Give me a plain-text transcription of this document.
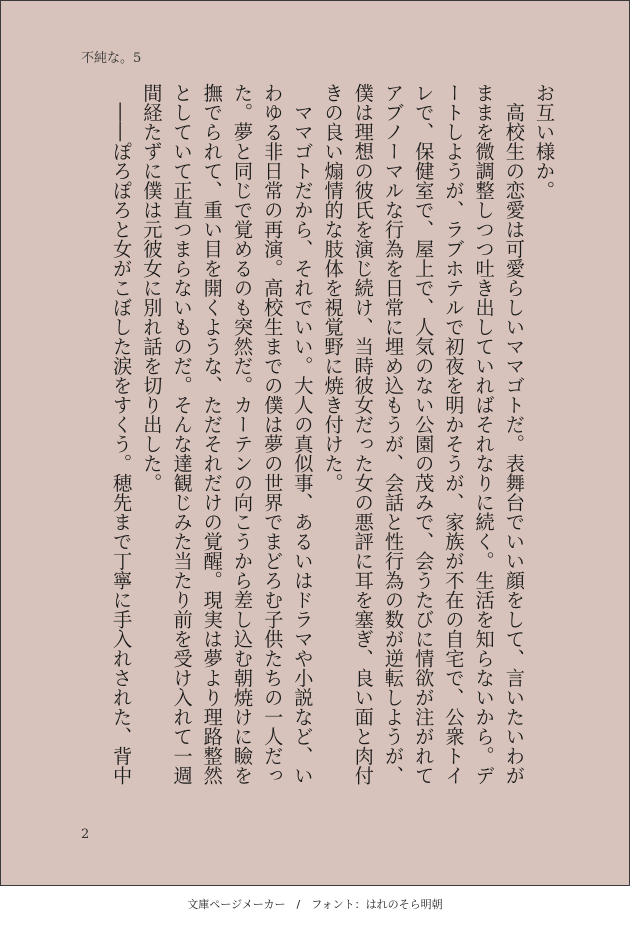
不純な。5

お互い様か。

　高校生の恋愛は可愛らしいママゴトだ。表舞台でいい顔をして、言いたいわが

ままを微調整しつつ吐き出していればそれなりに続く。生活を知らないから。デ

ートしようが、ラブホテルで初夜を明かそうが、家族が不在の自宅で、公衆トイ

レで、保健室で、屋上で、人気のない公園の茂みで、会うたびに情欲が注がれて

アブノーマルな行為を日常に埋め込もうが、会話と性行為の数が逆転しようが、

僕は理想の彼氏を演じ続け、当時彼女だった女の悪評に耳を塞ぎ、良い面と肉付

きの良い煽情的な肢体を視覚野に焼き付けた。

　ママゴトだから、それでいい。大人の真似事、あるいはドラマや小説など、い

わゆる非日常の再演。高校生までの僕は夢の世界でまどろむ子供たちの一人だっ

た。夢と同じで覚めるのも突然だ。カーテンの向こうから差し込む朝焼けに瞼を

撫でられて、重い目を開くような、ただそれだけの覚醒。現実は夢より理路整然

としていて正直つまらないものだ。そんな達観じみた当たり前を受け入れて一週

間経たずに僕は元彼女に別れ話を切り出した。

　――ぽろぽろと女がこぼした涙をすくう。穂先まで丁寧に手入れされた、背中

2
文庫ページメーカー　/　フォント：はれのそら明朝
